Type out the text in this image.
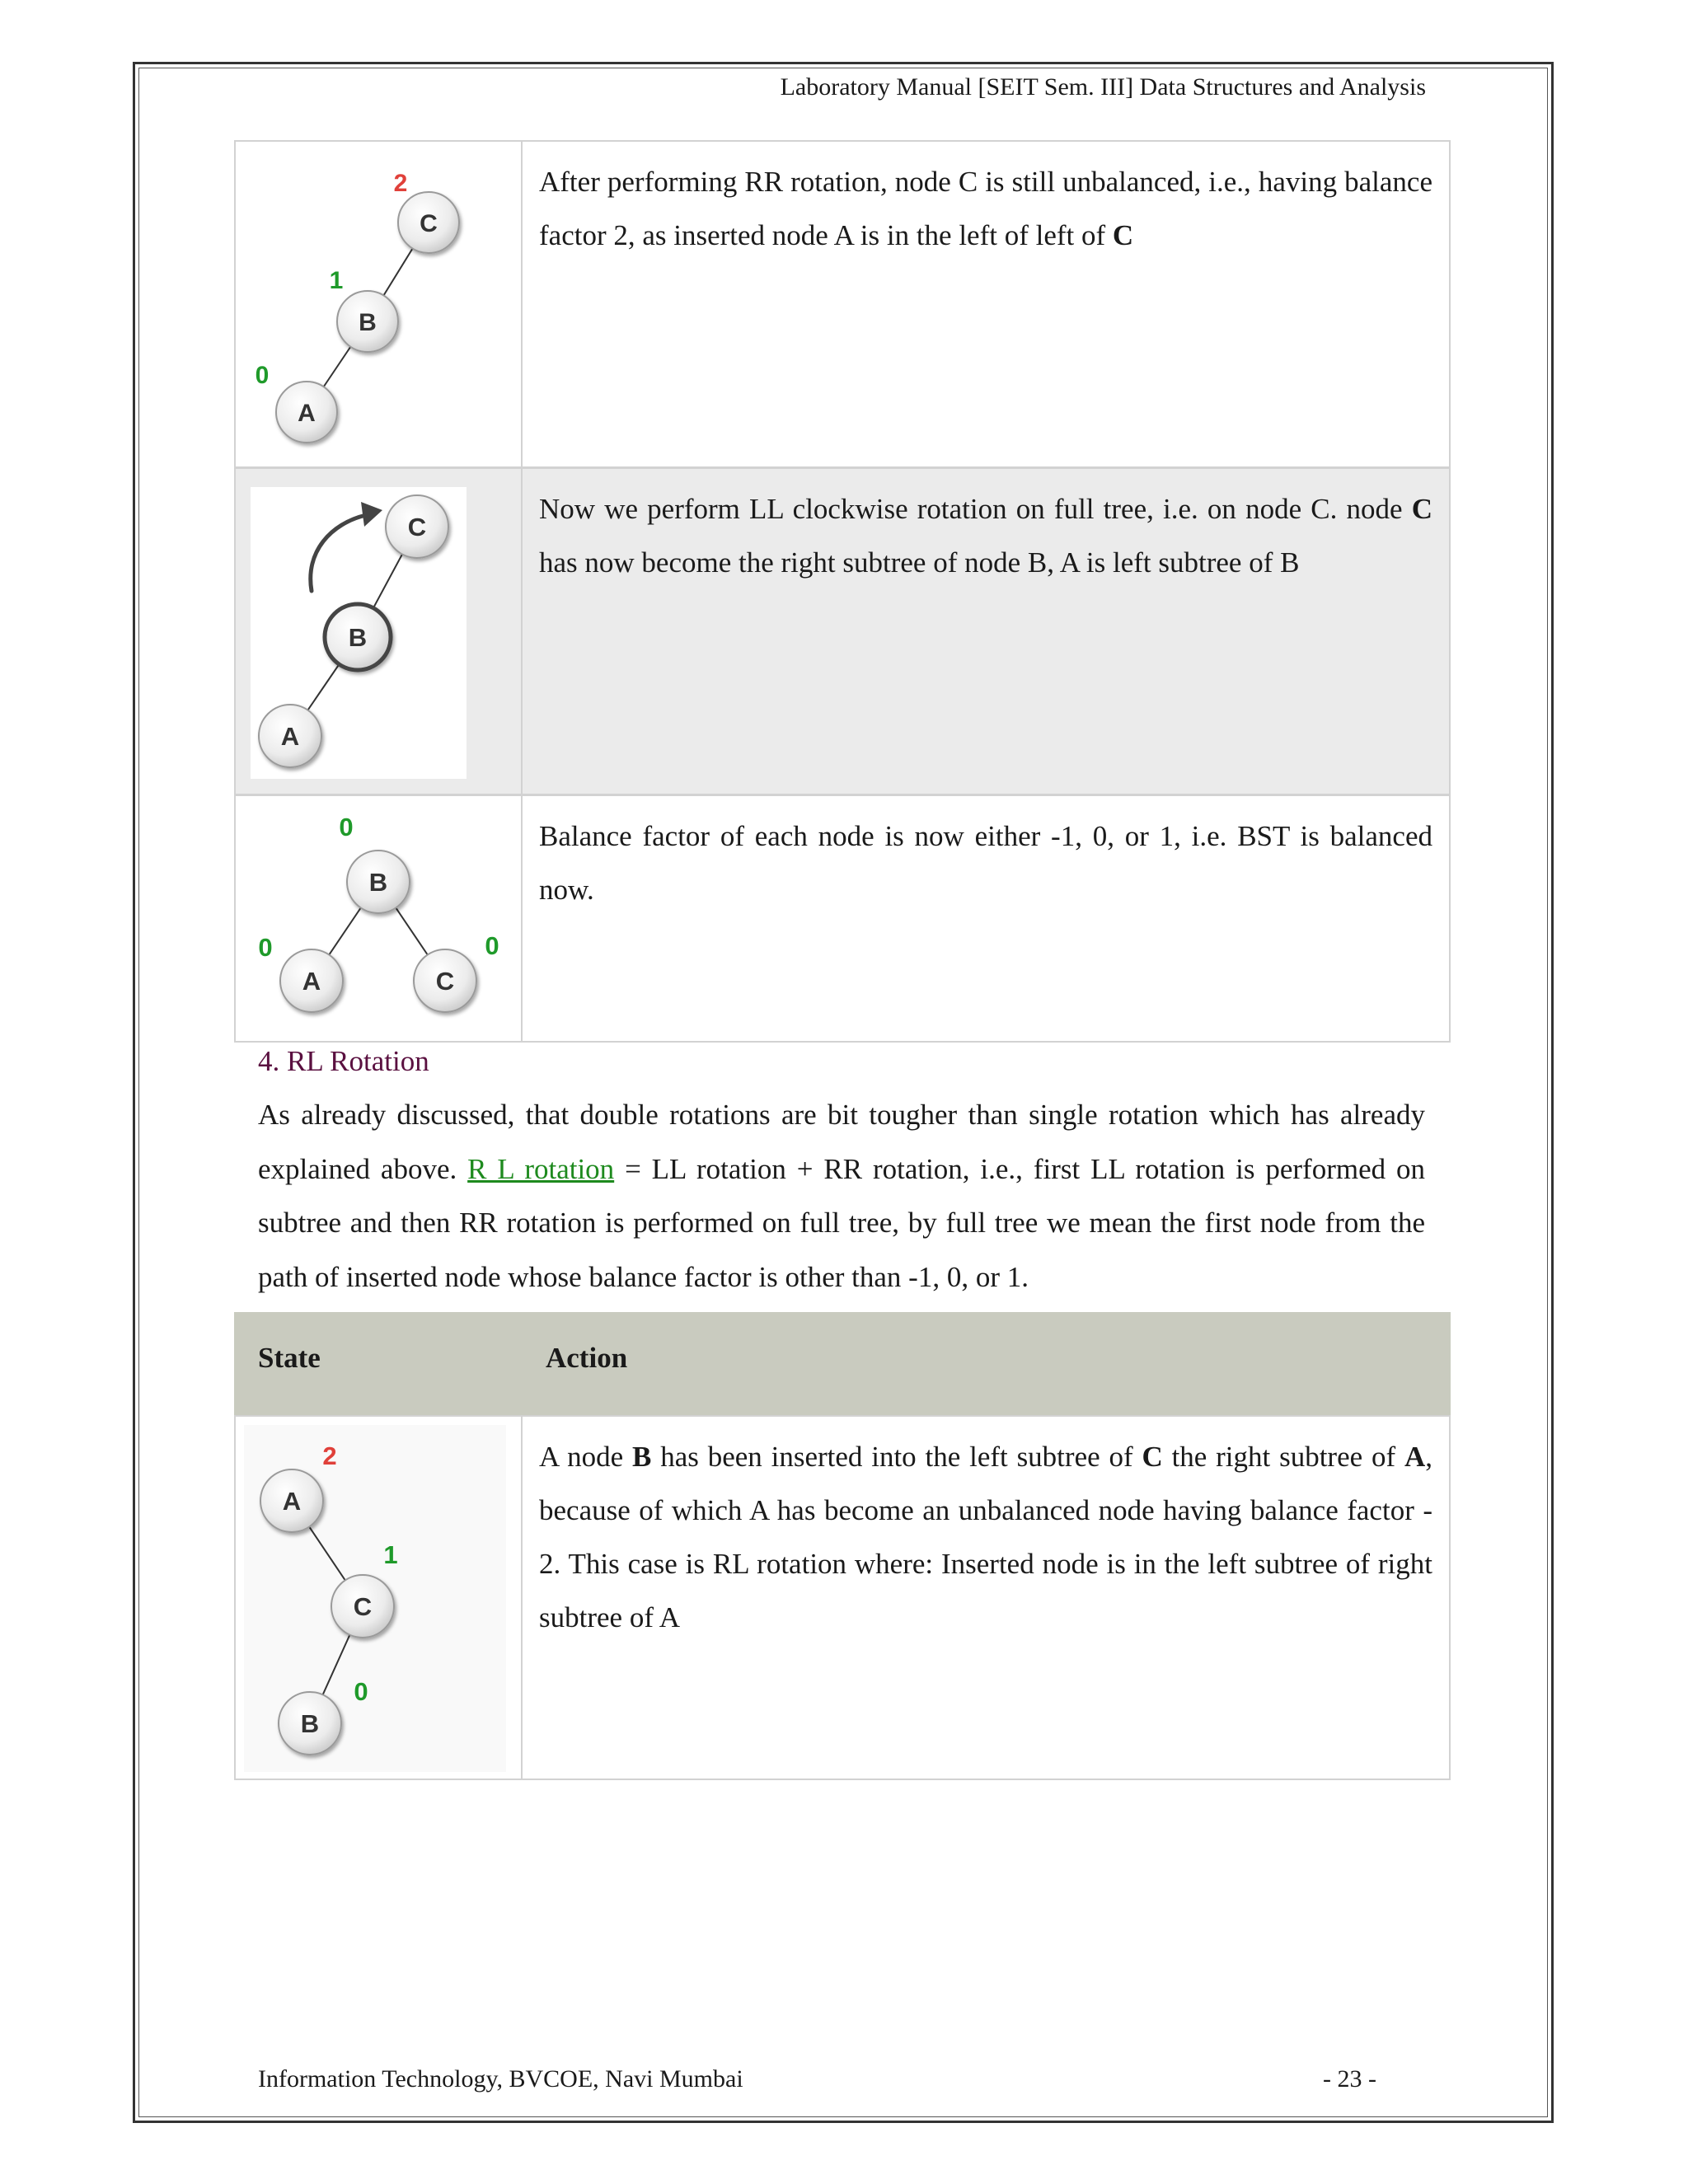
Laboratory Manual [SEIT Sem. III] Data Structures and Analysis
C
B
A
2
1
0
After performing RR rotation, node C is still unbalanced, i.e., having balance factor 2, as inserted node A is in the left of left of C
C
B
A
Now we perform LL clockwise rotation on full tree, i.e. on node C. node C has now become the right subtree of node B, A is left subtree of B
B
A	C
0
0	0
Balance factor of each node is now either -1, 0, or 1, i.e. BST is balanced now.
4. RL Rotation
As already discussed, that double rotations are bit tougher than single rotation which has already explained above. R L rotation = LL rotation + RR rotation, i.e., first LL rotation is performed on subtree and then RR rotation is performed on full tree, by full tree we mean the first node from the path of inserted node whose balance factor is other than -1, 0, or 1.
State	Action
A
C
B
2
1
0
A node B has been inserted into the left subtree of C the right subtree of A, because of which A has become an unbalanced node having balance factor - 2. This case is RL rotation where: Inserted node is in the left subtree of right subtree of A
Information Technology, BVCOE, Navi Mumbai	- 23 -
